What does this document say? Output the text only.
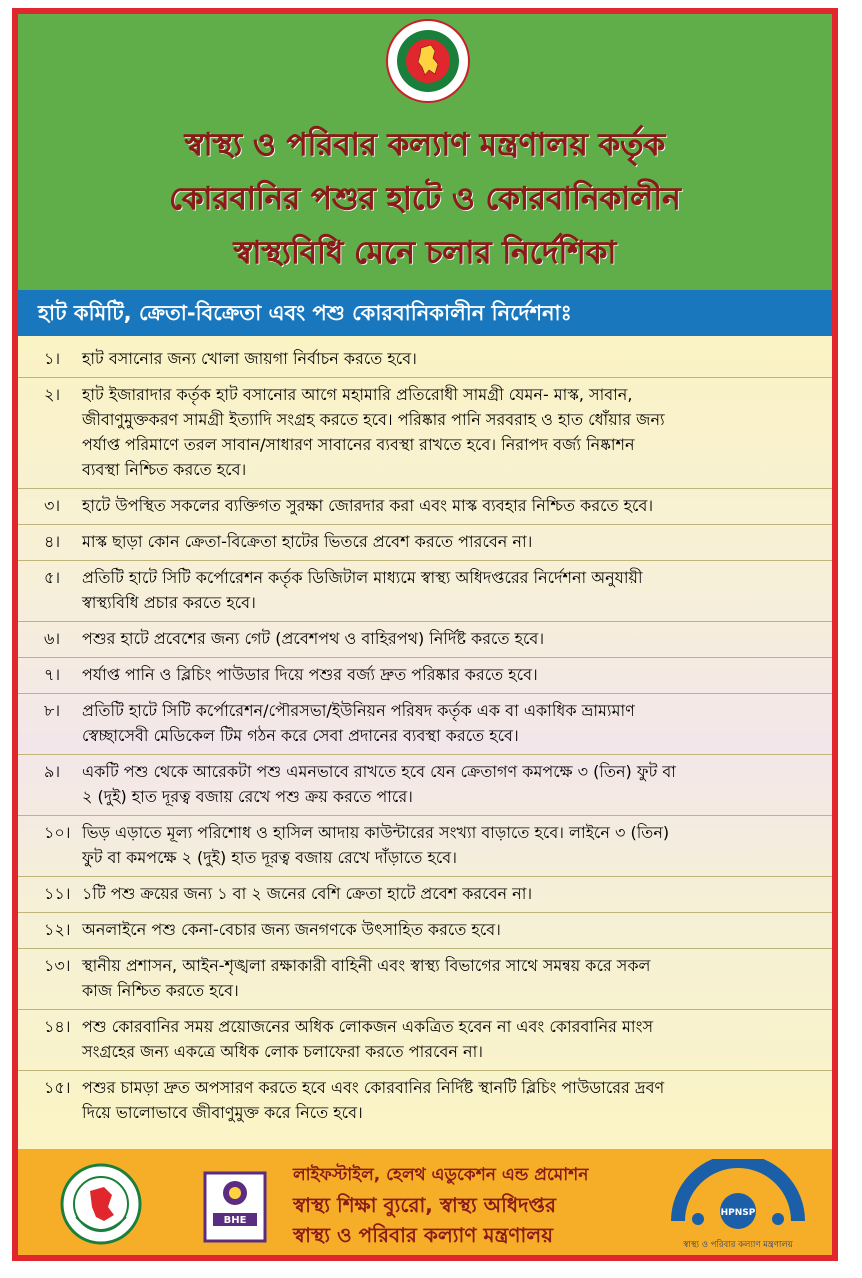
স্বাস্থ্য ও পরিবার কল্যাণ মন্ত্রণালয় কর্তৃক
কোরবানির পশুর হাটে ও কোরবানিকালীন
স্বাস্থ্যবিধি মেনে চলার নির্দেশিকা
হাট কমিটি, ক্রেতা-বিক্রেতা এবং পশু কোরবানিকালীন নির্দেশনাঃ
১।	হাট বসানোর জন্য খোলা জায়গা নির্বাচন করতে হবে।
২।	হাট ইজারাদার কর্তৃক হাট বসানোর আগে মহামারি প্রতিরোধী সামগ্রী যেমন- মাস্ক, সাবান,
জীবাণুমুক্তকরণ সামগ্রী ইত্যাদি সংগ্রহ করতে হবে। পরিষ্কার পানি সরবরাহ ও হাত ধোঁয়ার জন্য
পর্যাপ্ত পরিমাণে তরল সাবান/সাধারণ সাবানের ব্যবস্থা রাখতে হবে। নিরাপদ বর্জ্য নিষ্কাশন
ব্যবস্থা নিশ্চিত করতে হবে।
৩।	হাটে উপস্থিত সকলের ব্যক্তিগত সুরক্ষা জোরদার করা এবং মাস্ক ব্যবহার নিশ্চিত করতে হবে।
৪।	মাস্ক ছাড়া কোন ক্রেতা-বিক্রেতা হাটের ভিতরে প্রবেশ করতে পারবেন না।
৫।	প্রতিটি হাটে সিটি কর্পোরেশন কর্তৃক ডিজিটাল মাধ্যমে স্বাস্থ্য অধিদপ্তরের নির্দেশনা অনুযায়ী
স্বাস্থ্যবিধি প্রচার করতে হবে।
৬।	পশুর হাটে প্রবেশের জন্য গেট (প্রবেশপথ ও বাহিরপথ) নির্দিষ্ট করতে হবে।
৭।	পর্যাপ্ত পানি ও ব্লিচিং পাউডার দিয়ে পশুর বর্জ্য দ্রুত পরিষ্কার করতে হবে।
৮।	প্রতিটি হাটে সিটি কর্পোরেশন/পৌরসভা/ইউনিয়ন পরিষদ কর্তৃক এক বা একাধিক ভ্রাম্যমাণ
স্বেচ্ছাসেবী মেডিকেল টিম গঠন করে সেবা প্রদানের ব্যবস্থা করতে হবে।
৯।	একটি পশু থেকে আরেকটা পশু এমনভাবে রাখতে হবে যেন ক্রেতাগণ কমপক্ষে ৩ (তিন) ফুট বা
২ (দুই) হাত দূরত্ব বজায় রেখে পশু ক্রয় করতে পারে।
১০। ভিড় এড়াতে মূল্য পরিশোধ ও হাসিল আদায় কাউন্টারের সংখ্যা বাড়াতে হবে। লাইনে ৩ (তিন)
ফুট বা কমপক্ষে ২ (দুই) হাত দূরত্ব বজায় রেখে দাঁড়াতে হবে।
১১। ১টি পশু ক্রয়ের জন্য ১ বা ২ জনের বেশি ক্রেতা হাটে প্রবেশ করবেন না।
১২। অনলাইনে পশু কেনা-বেচার জন্য জনগণকে উৎসাহিত করতে হবে।
১৩। স্থানীয় প্রশাসন, আইন-শৃঙ্খলা রক্ষাকারী বাহিনী এবং স্বাস্থ্য বিভাগের সাথে সমন্বয় করে সকল
কাজ নিশ্চিত করতে হবে।
১৪। পশু কোরবানির সময় প্রয়োজনের অধিক লোকজন একত্রিত হবেন না এবং কোরবানির মাংস
সংগ্রহের জন্য একত্রে অধিক লোক চলাফেরা করতে পারবেন না।
১৫। পশুর চামড়া দ্রুত অপসারণ করতে হবে এবং কোরবানির নির্দিষ্ট স্থানটি ব্লিচিং পাউডারের দ্রবণ
দিয়ে ভালোভাবে জীবাণুমুক্ত করে নিতে হবে।
BHE
লাইফস্টাইল, হেলথ এডুকেশন এন্ড প্রমোশন
স্বাস্থ্য শিক্ষা ব্যুরো, স্বাস্থ্য অধিদপ্তর
স্বাস্থ্য ও পরিবার কল্যাণ মন্ত্রণালয়
HPNSP
স্বাস্থ্য ও পরিবার কল্যাণ মন্ত্রণালয়
